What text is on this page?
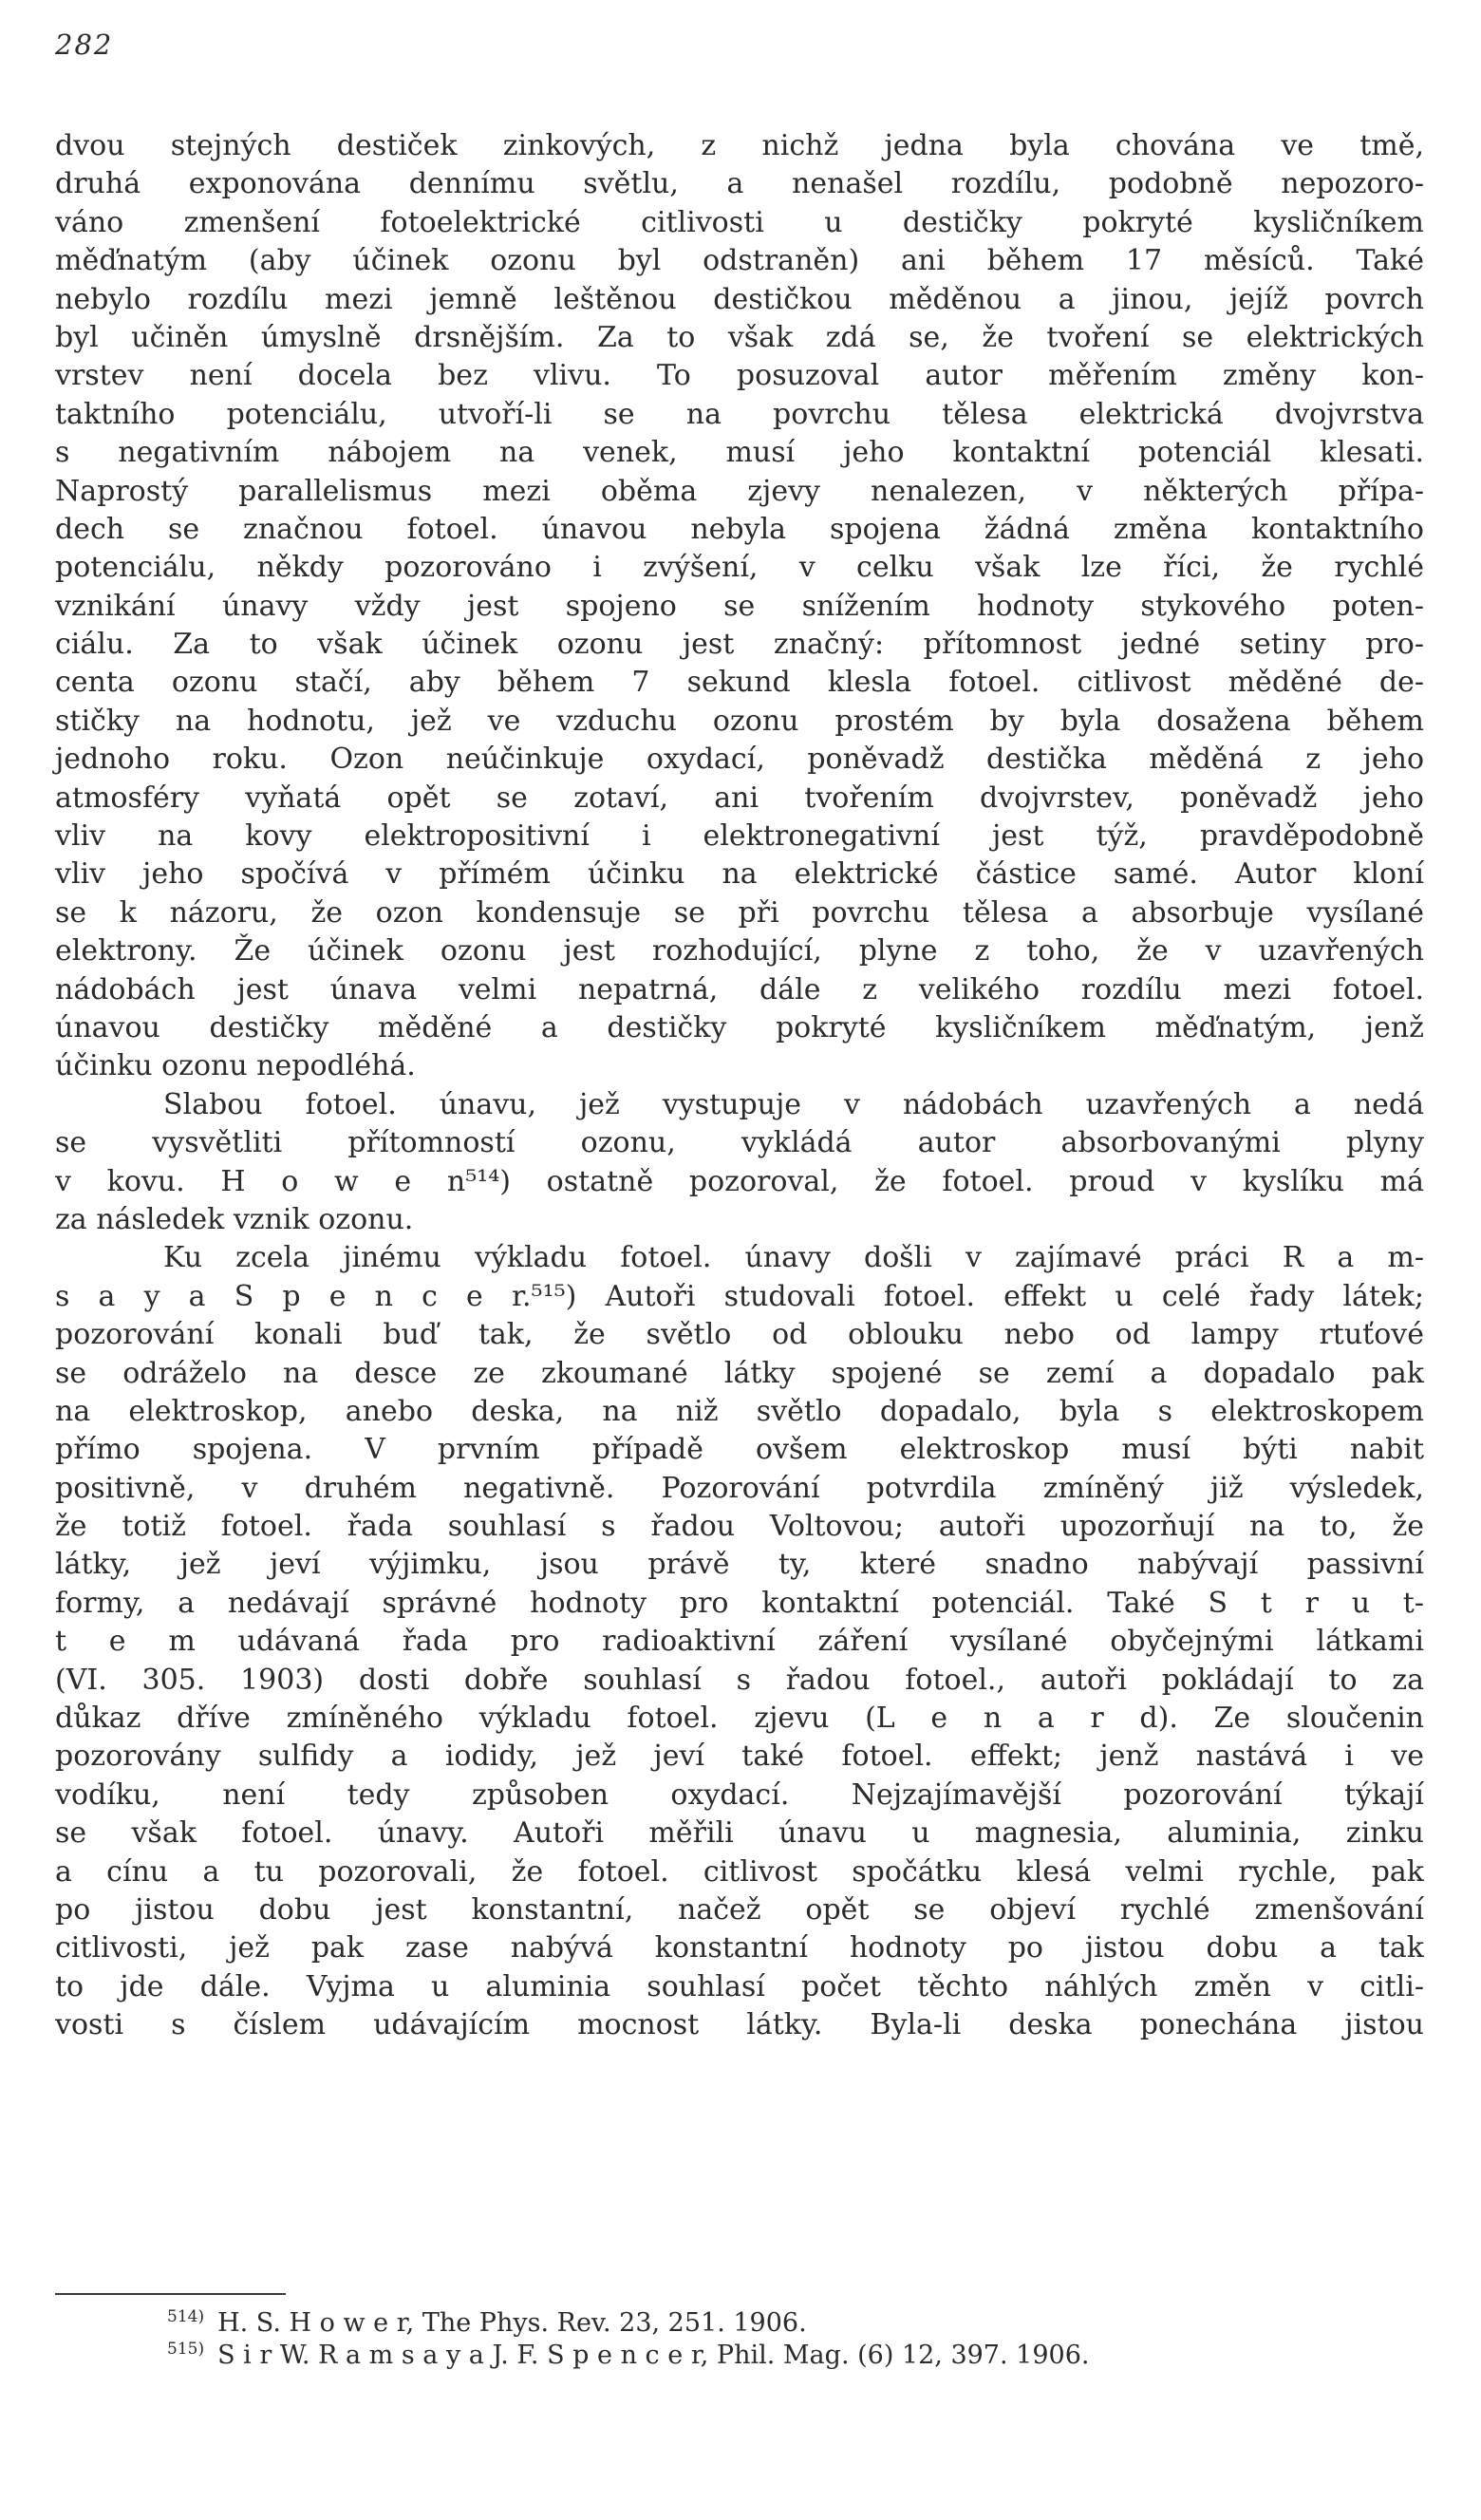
282
dvou stejných destiček zinkových, z nichž jedna byla chována ve tmě,
druhá exponována dennímu světlu, a nenašel rozdílu, podobně nepozoro-
váno zmenšení fotoelektrické citlivosti u destičky pokryté kysličníkem
měďnatým (aby účinek ozonu byl odstraněn) ani během 17 měsíců. Také
nebylo rozdílu mezi jemně leštěnou destičkou měděnou a jinou, jejíž povrch
byl učiněn úmyslně drsnějším. Za to však zdá se, že tvoření se elektrických
vrstev není docela bez vlivu. To posuzoval autor měřením změny kon-
taktního potenciálu, utvoří-li se na povrchu tělesa elektrická dvojvrstva
s negativním nábojem na venek, musí jeho kontaktní potenciál klesati.
Naprostý parallelismus mezi oběma zjevy nenalezen, v některých přípa-
dech se značnou fotoel. únavou nebyla spojena žádná změna kontaktního
potenciálu, někdy pozorováno i zvýšení, v celku však lze říci, že rychlé
vznikání únavy vždy jest spojeno se snížením hodnoty stykového poten-
ciálu. Za to však účinek ozonu jest značný: přítomnost jedné setiny pro-
centa ozonu stačí, aby během 7 sekund klesla fotoel. citlivost měděné de-
stičky na hodnotu, jež ve vzduchu ozonu prostém by byla dosažena během
jednoho roku. Ozon neúčinkuje oxydací, poněvadž destička měděná z jeho
atmosféry vyňatá opět se zotaví, ani tvořením dvojvrstev, poněvadž jeho
vliv na kovy elektropositivní i elektronegativní jest týž, pravděpodobně
vliv jeho spočívá v přímém účinku na elektrické částice samé. Autor kloní
se k názoru, že ozon kondensuje se při povrchu tělesa a absorbuje vysílané
elektrony. Že účinek ozonu jest rozhodující, plyne z toho, že v uzavřených
nádobách jest únava velmi nepatrná, dále z velikého rozdílu mezi fotoel.
únavou destičky měděné a destičky pokryté kysličníkem měďnatým, jenž
účinku ozonu nepodléhá.
Slabou fotoel. únavu, jež vystupuje v nádobách uzavřených a nedá
se vysvětliti přítomností ozonu, vykládá autor absorbovanými plyny
v kovu. H o w e n⁵¹⁴) ostatně pozoroval, že fotoel. proud v kyslíku má
za následek vznik ozonu.
Ku zcela jinému výkladu fotoel. únavy došli v zajímavé práci R a m-
s a y a S p e n c e r.⁵¹⁵) Autoři studovali fotoel. effekt u celé řady látek;
pozorování konali buď tak, že světlo od oblouku nebo od lampy rtuťové
se odráželo na desce ze zkoumané látky spojené se zemí a dopadalo pak
na elektroskop, anebo deska, na niž světlo dopadalo, byla s elektroskopem
přímo spojena. V prvním případě ovšem elektroskop musí býti nabit
positivně, v druhém negativně. Pozorování potvrdila zmíněný již výsledek,
že totiž fotoel. řada souhlasí s řadou Voltovou; autoři upozorňují na to, že
látky, jež jeví výjimku, jsou právě ty, které snadno nabývají passivní
formy, a nedávají správné hodnoty pro kontaktní potenciál. Také S t r u t-
t e m udávaná řada pro radioaktivní záření vysílané obyčejnými látkami
(VI. 305. 1903) dosti dobře souhlasí s řadou fotoel., autoři pokládají to za
důkaz dříve zmíněného výkladu fotoel. zjevu (L e n a r d). Ze sloučenin
pozorovány sulfidy a iodidy, jež jeví také fotoel. effekt; jenž nastává i ve
vodíku, není tedy způsoben oxydací. Nejzajímavější pozorování týkají
se však fotoel. únavy. Autoři měřili únavu u magnesia, aluminia, zinku
a cínu a tu pozorovali, že fotoel. citlivost spočátku klesá velmi rychle, pak
po jistou dobu jest konstantní, načež opět se objeví rychlé zmenšování
citlivosti, jež pak zase nabývá konstantní hodnoty po jistou dobu a tak
to jde dále. Vyjma u aluminia souhlasí počet těchto náhlých změn v citli-
vosti s číslem udávajícím mocnost látky. Byla-li deska ponechána jistou
$^{514)}$ H. S. H o w e r, The Phys. Rev. 23, 251. 1906.
$^{515)}$ S i r W. R a m s a y a J. F. S p e n c e r, Phil. Mag. (6) 12, 397. 1906.
